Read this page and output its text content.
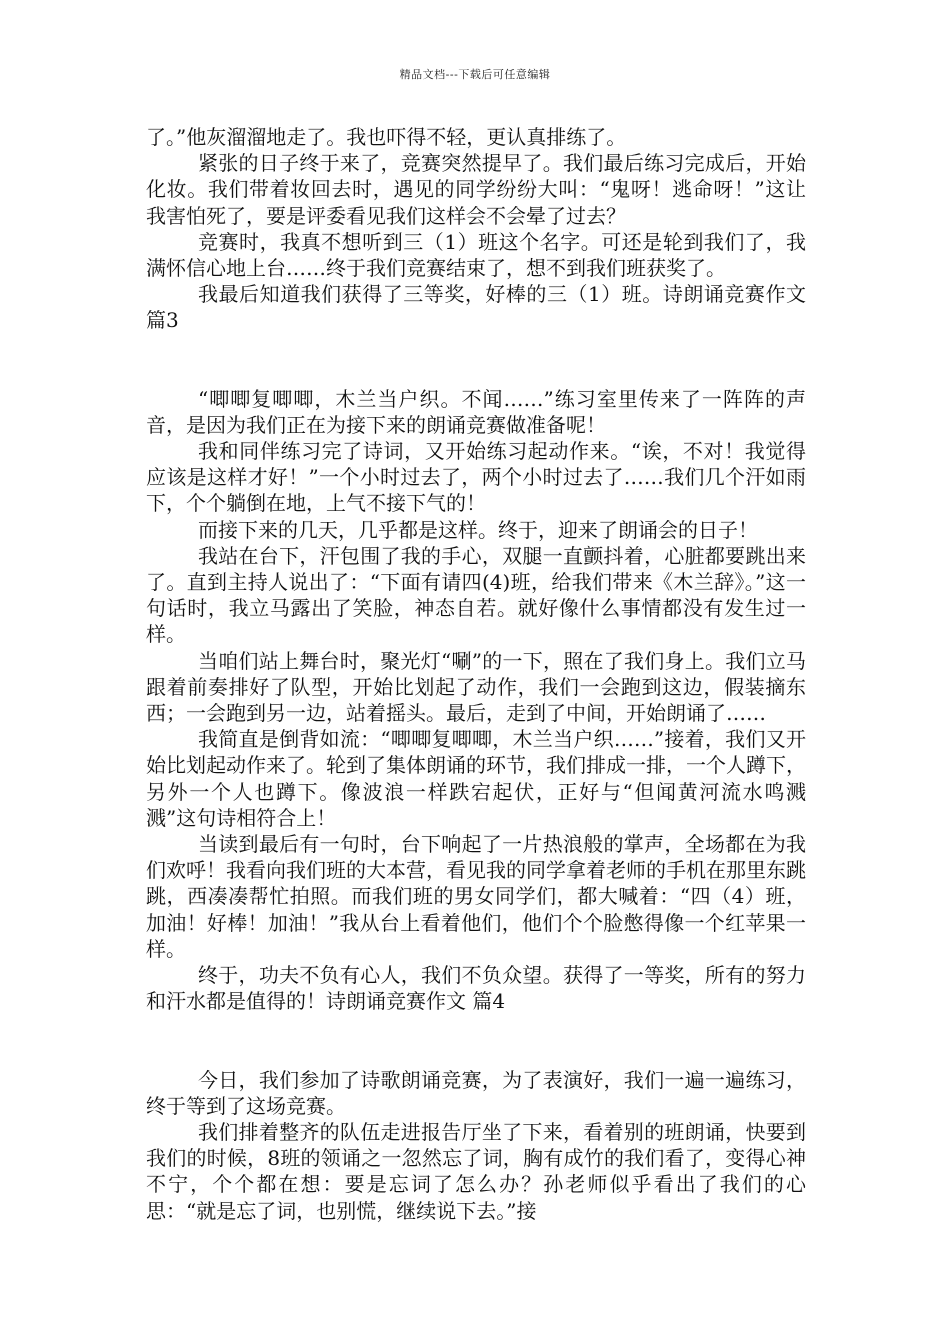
精品文档---下载后可任意编辑

了。”他灰溜溜地走了。我也吓得不轻，更认真排练了。

紧张的日子终于来了，竞赛突然提早了。我们最后练习完成后，开始化妆。我们带着妆回去时，遇见的同学纷纷大叫：“鬼呀！逃命呀！”这让我害怕死了，要是评委看见我们这样会不会晕了过去？

竞赛时，我真不想听到三（1）班这个名字。可还是轮到我们了，我满怀信心地上台……终于我们竞赛结束了，想不到我们班获奖了。

我最后知道我们获得了三等奖，好棒的三（1）班。诗朗诵竞赛作文 篇3

“唧唧复唧唧，木兰当户织。不闻……”练习室里传来了一阵阵的声音，是因为我们正在为接下来的朗诵竞赛做准备呢！

我和同伴练习完了诗词，又开始练习起动作来。“诶，不对！我觉得应该是这样才好！”一个小时过去了，两个小时过去了……我们几个汗如雨下，个个躺倒在地，上气不接下气的！

而接下来的几天，几乎都是这样。终于，迎来了朗诵会的日子！

我站在台下，汗包围了我的手心，双腿一直颤抖着，心脏都要跳出来了。直到主持人说出了：“下面有请四(4)班，给我们带来《木兰辞》。”这一句话时，我立马露出了笑脸，神态自若。就好像什么事情都没有发生过一样。

当咱们站上舞台时，聚光灯“唰”的一下，照在了我们身上。我们立马跟着前奏排好了队型，开始比划起了动作，我们一会跑到这边，假装摘东西；一会跑到另一边，站着摇头。最后，走到了中间，开始朗诵了……

我简直是倒背如流：“唧唧复唧唧，木兰当户织……”接着，我们又开始比划起动作来了。轮到了集体朗诵的环节，我们排成一排，一个人蹲下，另外一个人也蹲下。像波浪一样跌宕起伏，正好与“但闻黄河流水鸣溅溅”这句诗相符合上！

当读到最后有一句时，台下响起了一片热浪般的掌声，全场都在为我们欢呼！我看向我们班的大本营，看见我的同学拿着老师的手机在那里东跳跳，西凑凑帮忙拍照。而我们班的男女同学们，都大喊着：“四（4）班，加油！好棒！加油！”我从台上看着他们，他们个个脸憋得像一个红苹果一样。

终于，功夫不负有心人，我们不负众望。获得了一等奖，所有的努力和汗水都是值得的！诗朗诵竞赛作文 篇4

今日，我们参加了诗歌朗诵竞赛，为了表演好，我们一遍一遍练习，终于等到了这场竞赛。

我们排着整齐的队伍走进报告厅坐了下来，看着别的班朗诵，快要到我们的时候，8班的领诵之一忽然忘了词，胸有成竹的我们看了，变得心神不宁，个个都在想：要是忘词了怎么办？孙老师似乎看出了我们的心思：“就是忘了词，也别慌，继续说下去。”接
